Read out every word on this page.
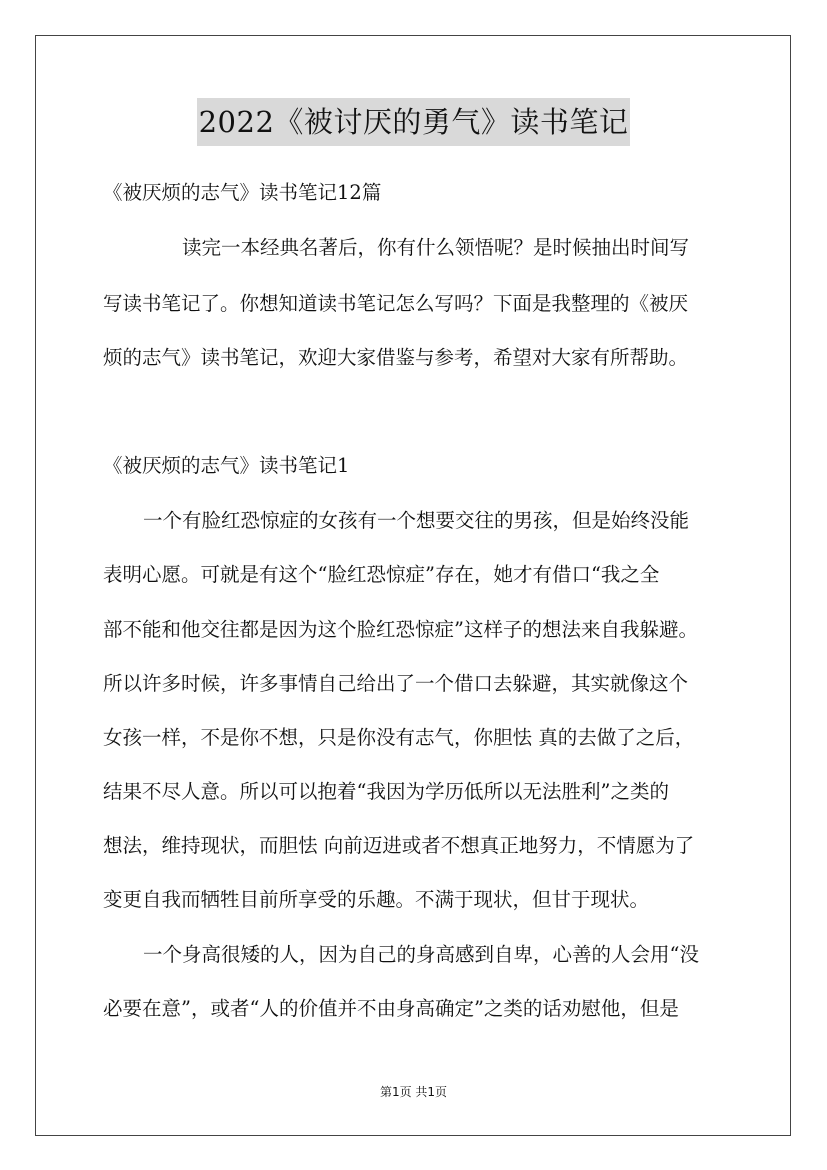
2022《被讨厌的勇气》读书笔记
《被厌烦的志气》读书笔记12篇
读完一本经典名著后，你有什么领悟呢？是时候抽出时间写
写读书笔记了。你想知道读书笔记怎么写吗？下面是我整理的《被厌
烦的志气》读书笔记，欢迎大家借鉴与参考，希望对大家有所帮助。
《被厌烦的志气》读书笔记1
一个有脸红恐惊症的女孩有一个想要交往的男孩，但是始终没能
表明心愿。可就是有这个“脸红恐惊症”存在，她才有借口“我之全
部不能和他交往都是因为这个脸红恐惊症”这样子的想法来自我躲避。
所以许多时候，许多事情自己给出了一个借口去躲避，其实就像这个
女孩一样，不是你不想，只是你没有志气，你胆怯 真的去做了之后，
结果不尽人意。所以可以抱着“我因为学历低所以无法胜利”之类的
想法，维持现状，而胆怯 向前迈进或者不想真正地努力，不情愿为了
变更自我而牺牲目前所享受的乐趣。不满于现状，但甘于现状。
一个身高很矮的人，因为自己的身高感到自卑，心善的人会用“没
必要在意”，或者“人的价值并不由身高确定”之类的话劝慰他，但是
第1页 共1页
